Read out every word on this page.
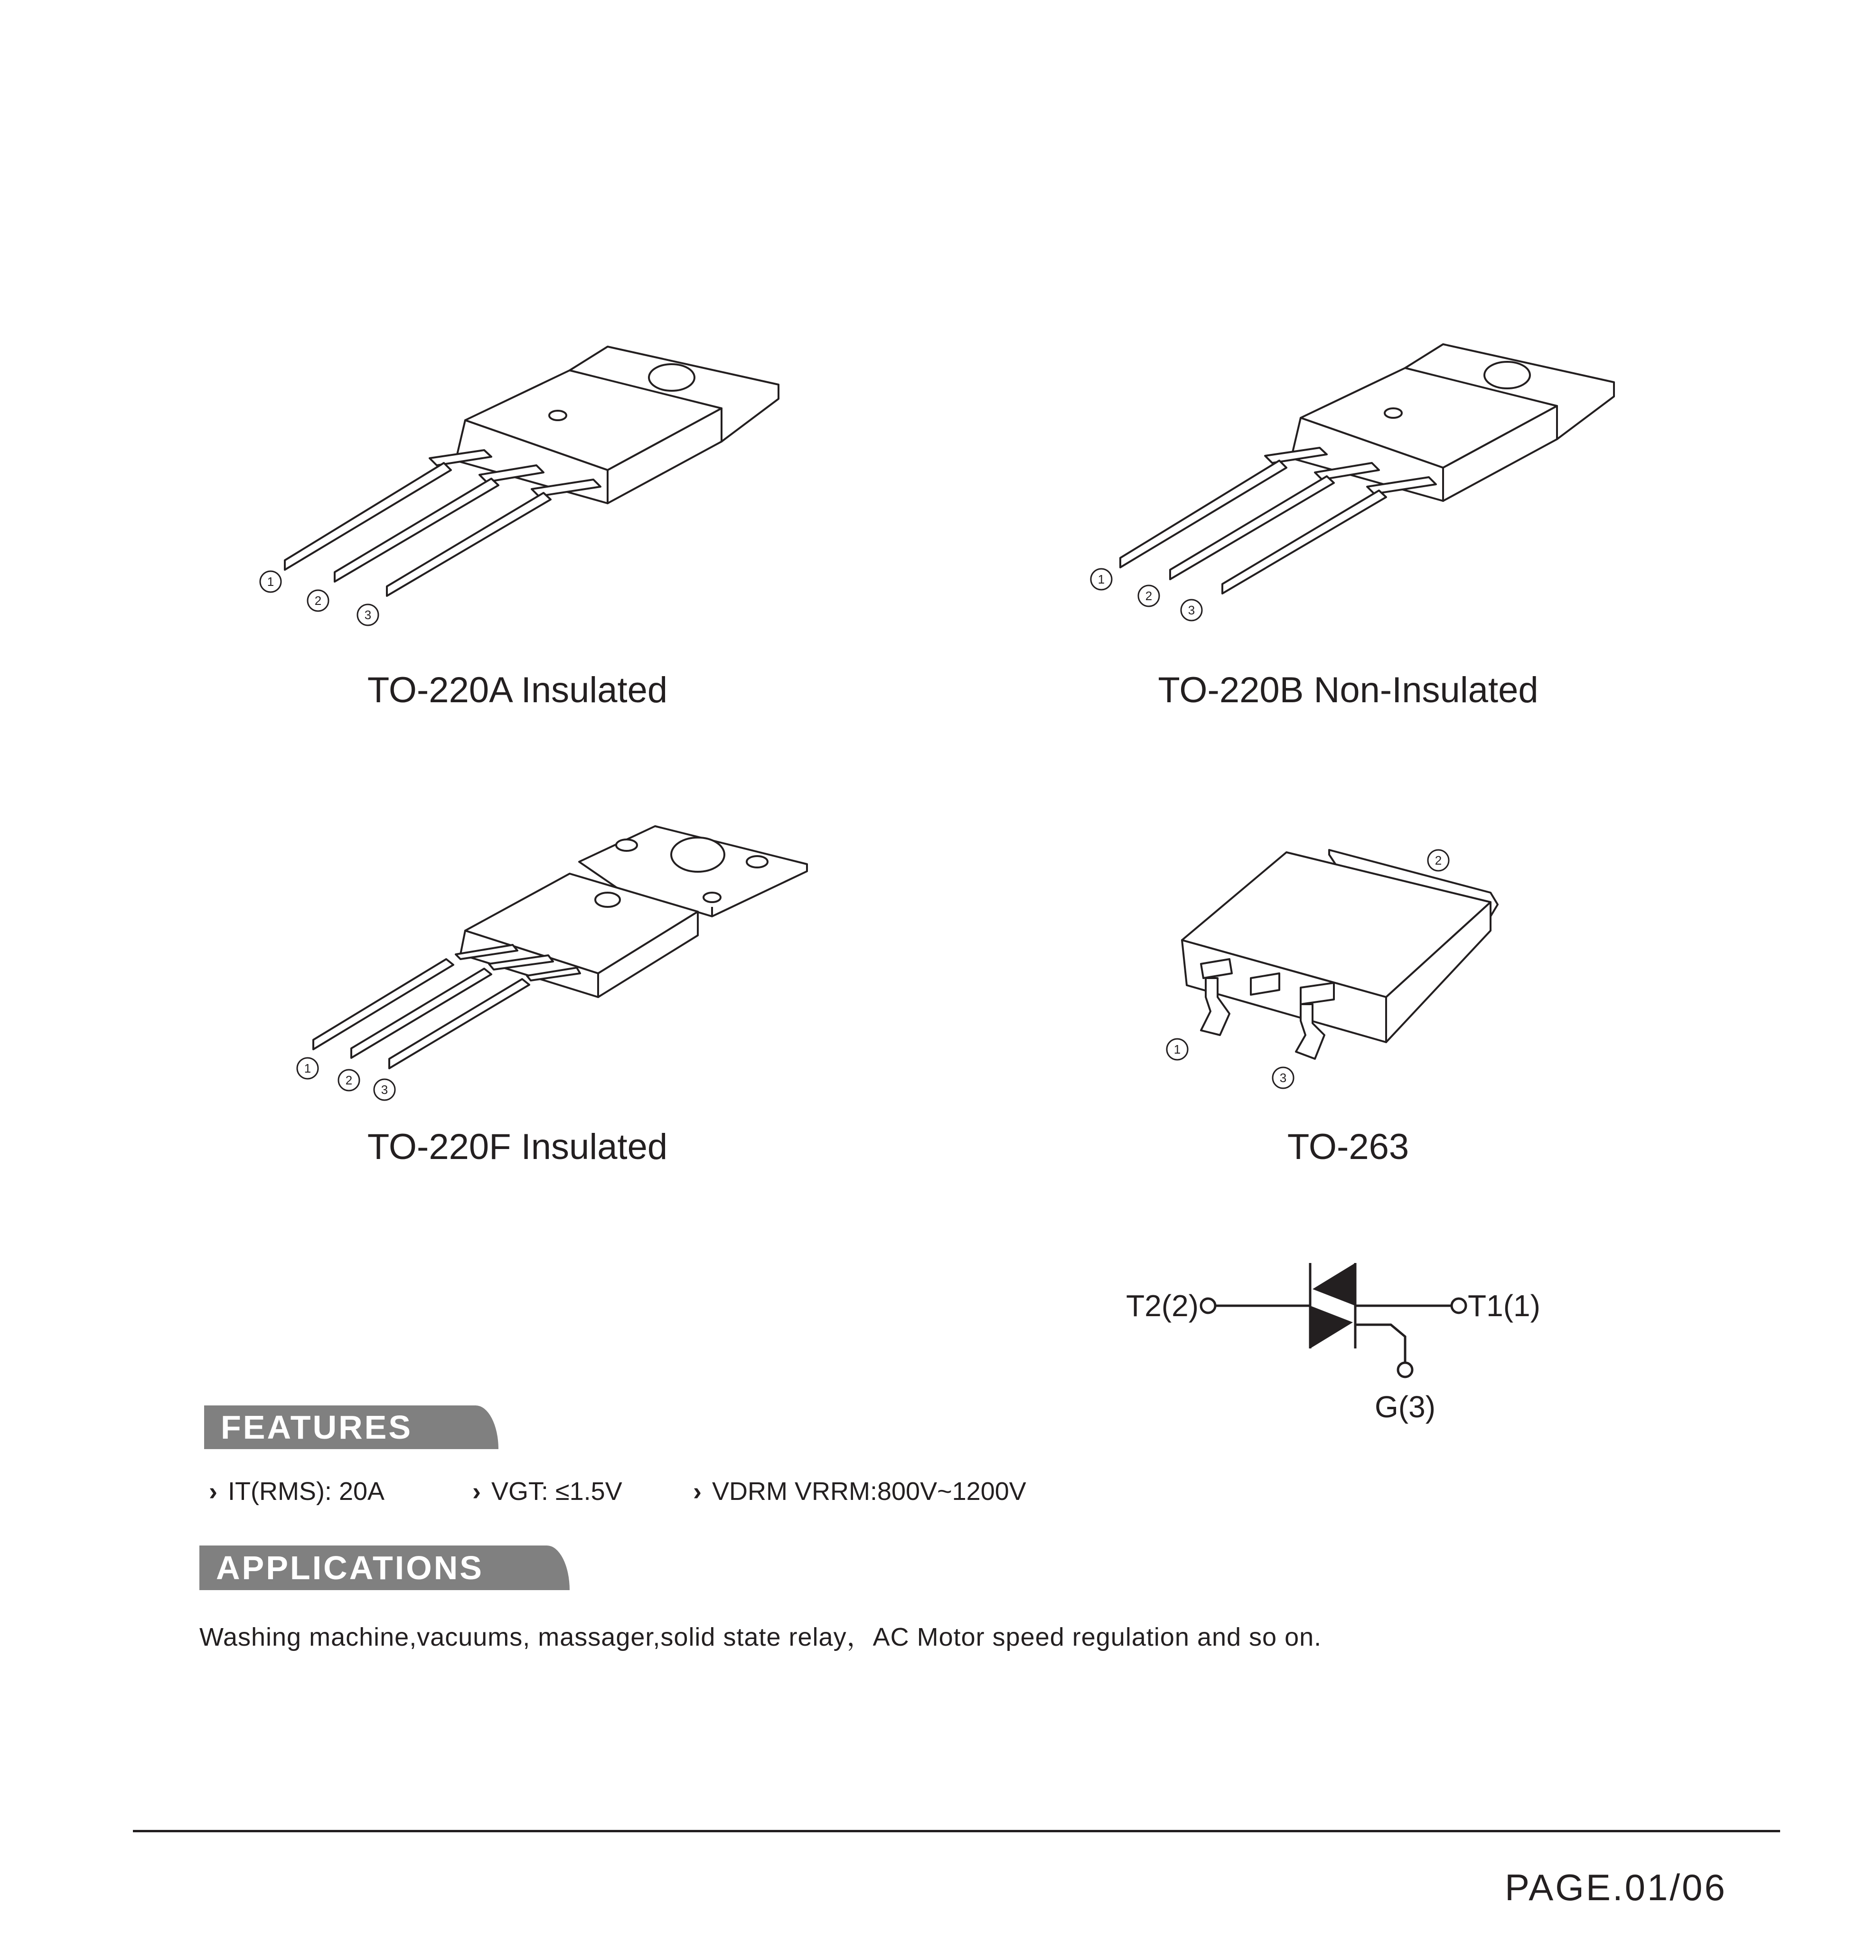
1
2
3
TO-220A Insulated
1
2
3
TO-220B Non-Insulated
1
2
3
TO-220F Insulated
2
1
3
TO-263
T2(2)	T1(1)
G(3)
FEATURES
› IT(RMS): 20A	› VGT: ≤1.5V	› VDRM VRRM:800V~1200V
APPLICATIONS
Washing machine,vacuums, massager,solid state relay，AC Motor speed regulation and so on.
PAGE.01/06
